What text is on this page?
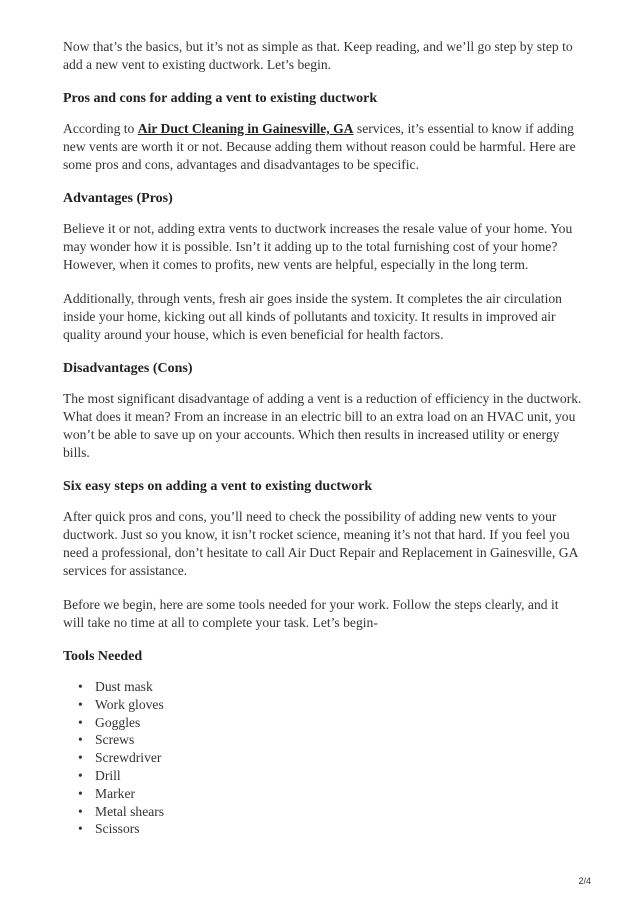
Now that’s the basics, but it’s not as simple as that. Keep reading, and we’ll go step by step to add a new vent to existing ductwork. Let’s begin.

Pros and cons for adding a vent to existing ductwork

According to Air Duct Cleaning in Gainesville, GA services, it’s essential to know if adding new vents are worth it or not. Because adding them without reason could be harmful. Here are some pros and cons, advantages and disadvantages to be specific.

Advantages (Pros)

Believe it or not, adding extra vents to ductwork increases the resale value of your home. You may wonder how it is possible. Isn’t it adding up to the total furnishing cost of your home? However, when it comes to profits, new vents are helpful, especially in the long term.

Additionally, through vents, fresh air goes inside the system. It completes the air circulation inside your home, kicking out all kinds of pollutants and toxicity. It results in improved air quality around your house, which is even beneficial for health factors.

Disadvantages (Cons)

The most significant disadvantage of adding a vent is a reduction of efficiency in the ductwork. What does it mean? From an increase in an electric bill to an extra load on an HVAC unit, you won’t be able to save up on your accounts. Which then results in increased utility or energy bills.

Six easy steps on adding a vent to existing ductwork

After quick pros and cons, you’ll need to check the possibility of adding new vents to your ductwork. Just so you know, it isn’t rocket science, meaning it’s not that hard. If you feel you need a professional, don’t hesitate to call Air Duct Repair and Replacement in Gainesville, GA services for assistance.

Before we begin, here are some tools needed for your work. Follow the steps clearly, and it will take no time at all to complete your task. Let’s begin-

Tools Needed
• Dust mask
• Work gloves
• Goggles
• Screws
• Screwdriver
• Drill
• Marker
• Metal shears
• Scissors
2/4
